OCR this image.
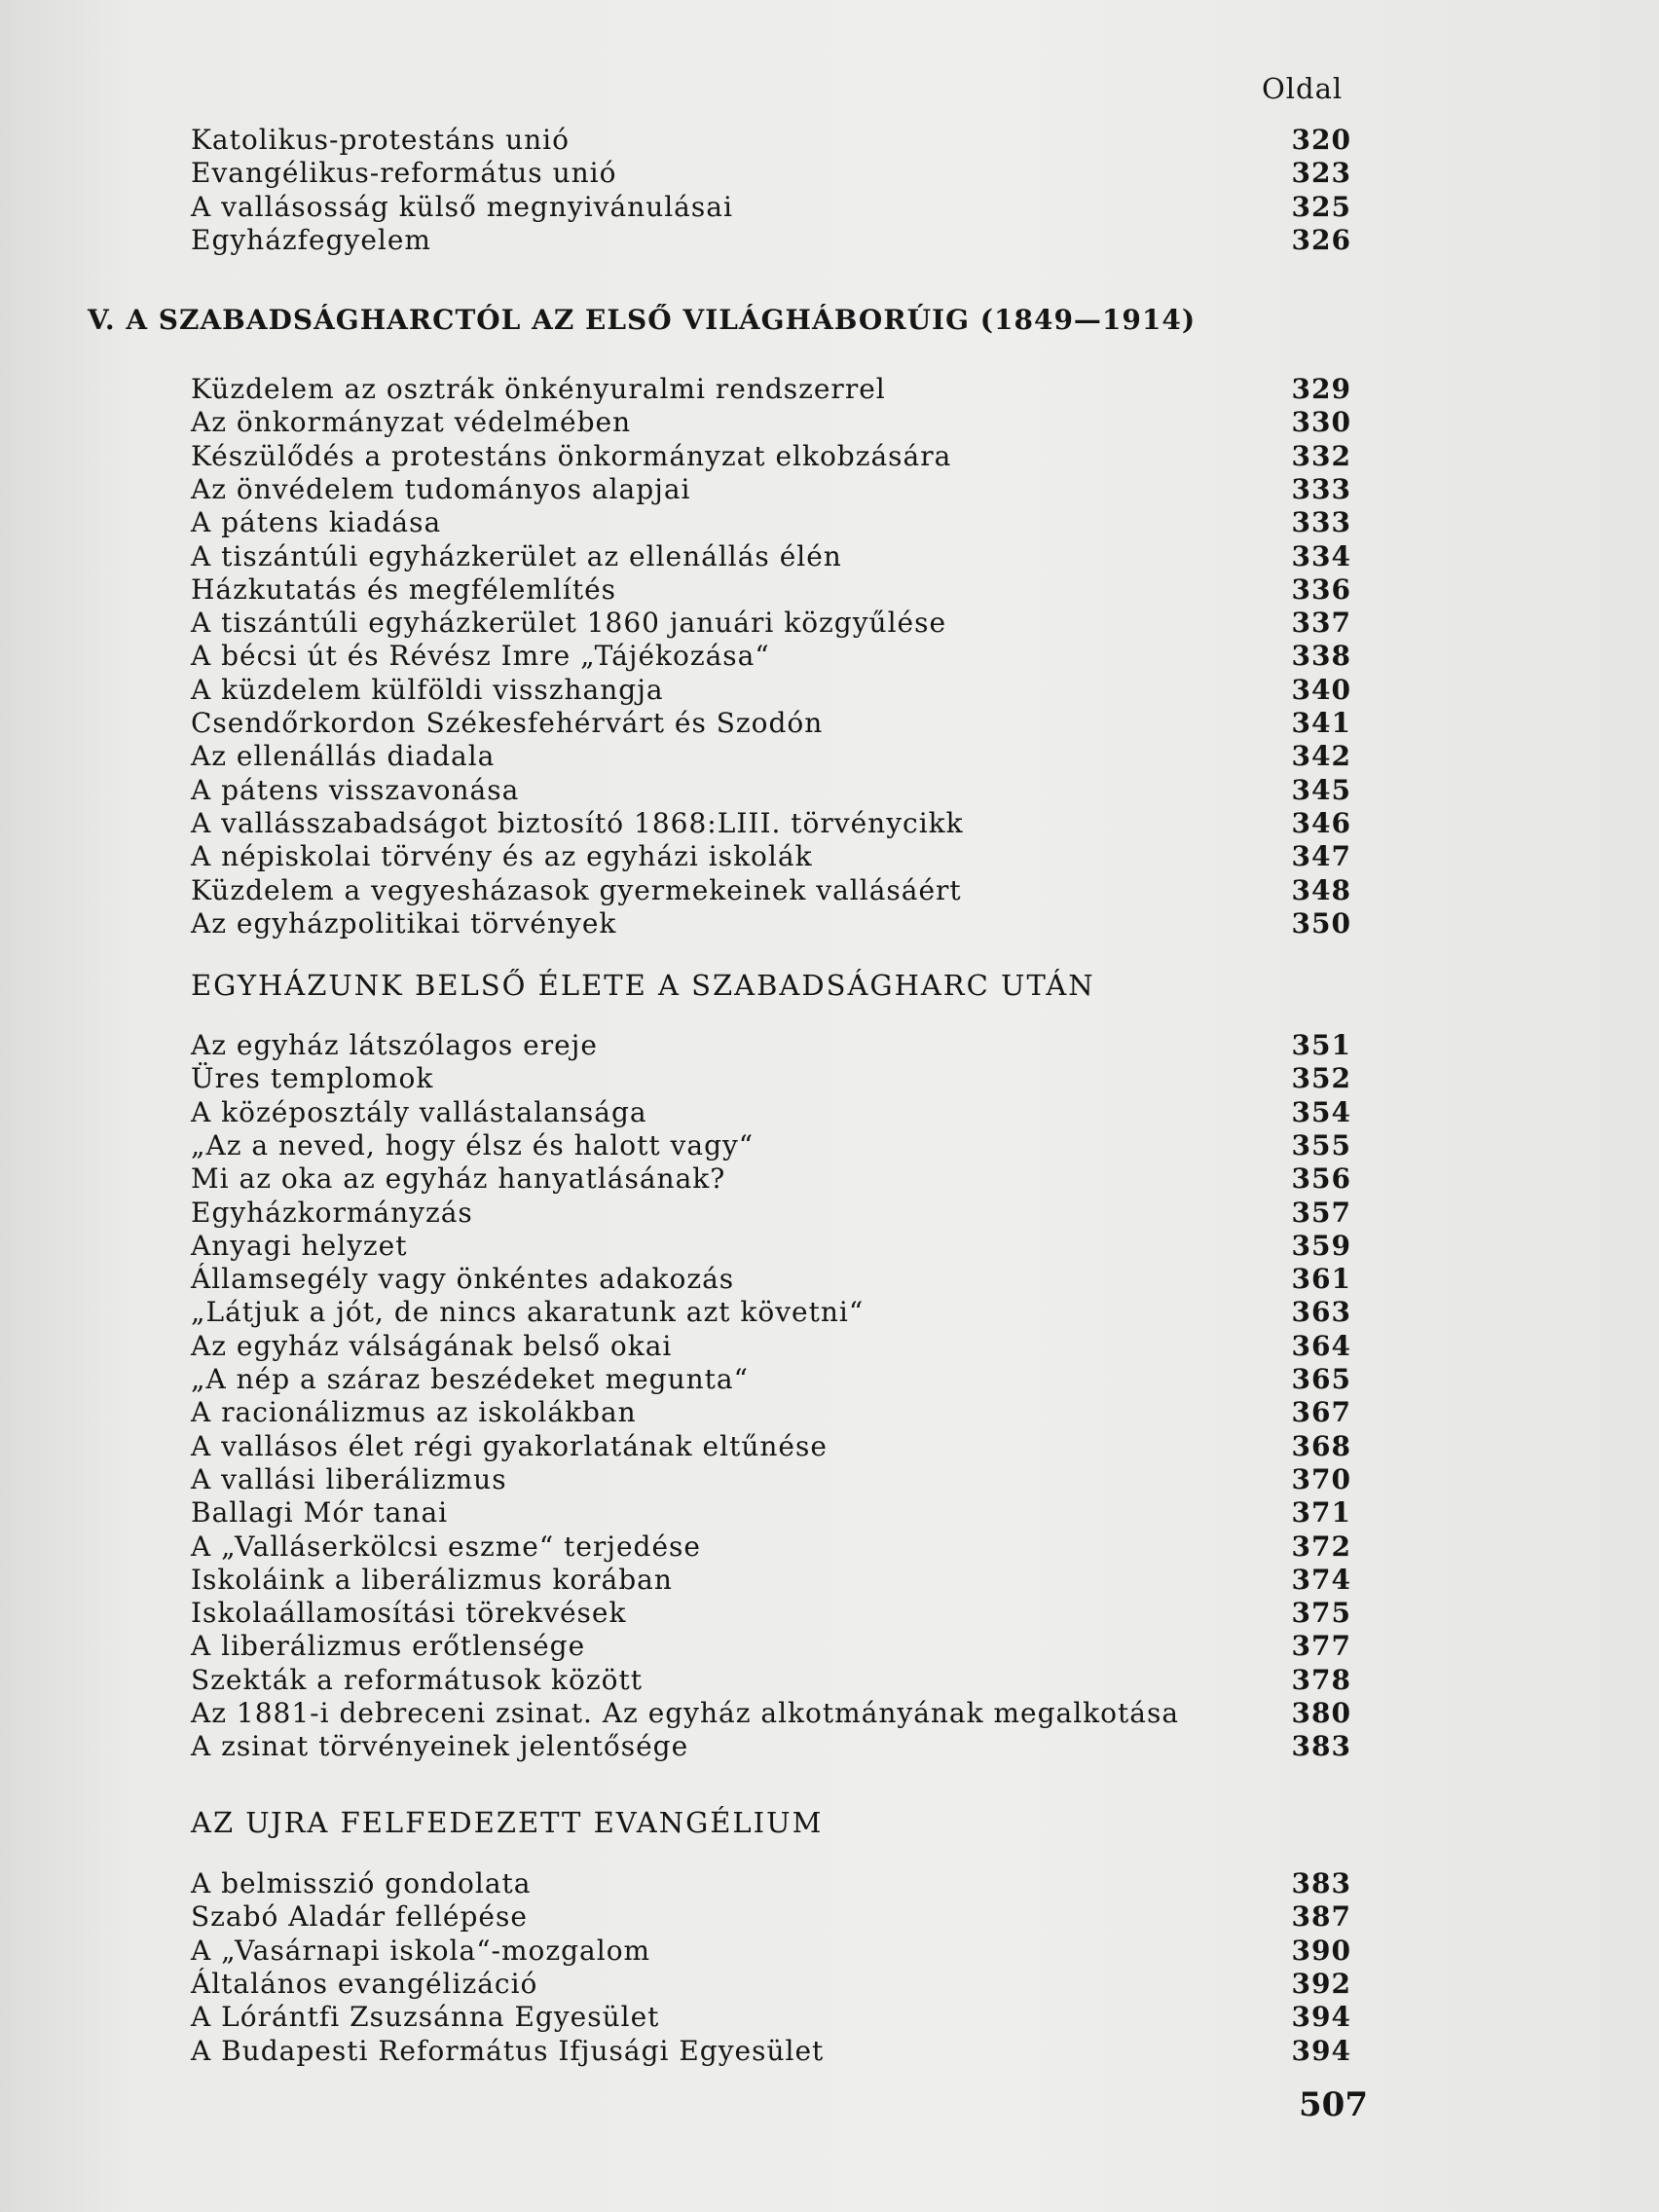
Oldal
Katolikus-protestáns unió	320
Evangélikus-református unió	323
A vallásosság külső megnyivánulásai	325
Egyházfegyelem	326
V. A SZABADSÁGHARCTÓL AZ ELSŐ VILÁGHÁBORÚIG (1849—1914)
Küzdelem az osztrák önkényuralmi rendszerrel	329
Az önkormányzat védelmében	330
Készülődés a protestáns önkormányzat elkobzására	332
Az önvédelem tudományos alapjai	333
A pátens kiadása	333
A tiszántúli egyházkerület az ellenállás élén	334
Házkutatás és megfélemlítés	336
A tiszántúli egyházkerület 1860 januári közgyűlése	337
A bécsi út és Révész Imre „Tájékozása“	338
A küzdelem külföldi visszhangja	340
Csendőrkordon Székesfehérvárt és Szodón	341
Az ellenállás diadala	342
A pátens visszavonása	345
A vallásszabadságot biztosító 1868:LIII. törvénycikk	346
A népiskolai törvény és az egyházi iskolák	347
Küzdelem a vegyesházasok gyermekeinek vallásáért	348
Az egyházpolitikai törvények	350
EGYHÁZUNK BELSŐ ÉLETE A SZABADSÁGHARC UTÁN
Az egyház látszólagos ereje	351
Üres templomok	352
A középosztály vallástalansága	354
„Az a neved, hogy élsz és halott vagy“	355
Mi az oka az egyház hanyatlásának?	356
Egyházkormányzás	357
Anyagi helyzet	359
Államsegély vagy önkéntes adakozás	361
„Látjuk a jót, de nincs akaratunk azt követni“	363
Az egyház válságának belső okai	364
„A nép a száraz beszédeket megunta“	365
A racionálizmus az iskolákban	367
A vallásos élet régi gyakorlatának eltűnése	368
A vallási liberálizmus	370
Ballagi Mór tanai	371
A „Valláserkölcsi eszme“ terjedése	372
Iskoláink a liberálizmus korában	374
Iskolaállamosítási törekvések	375
A liberálizmus erőtlensége	377
Szekták a reformátusok között	378
Az 1881-i debreceni zsinat. Az egyház alkotmányának megalkotása	380
A zsinat törvényeinek jelentősége	383
AZ UJRA FELFEDEZETT EVANGÉLIUM
A belmisszió gondolata	383
Szabó Aladár fellépése	387
A „Vasárnapi iskola“-mozgalom	390
Általános evangélizáció	392
A Lórántfi Zsuzsánna Egyesület	394
A Budapesti Református Ifjusági Egyesület	394
507
